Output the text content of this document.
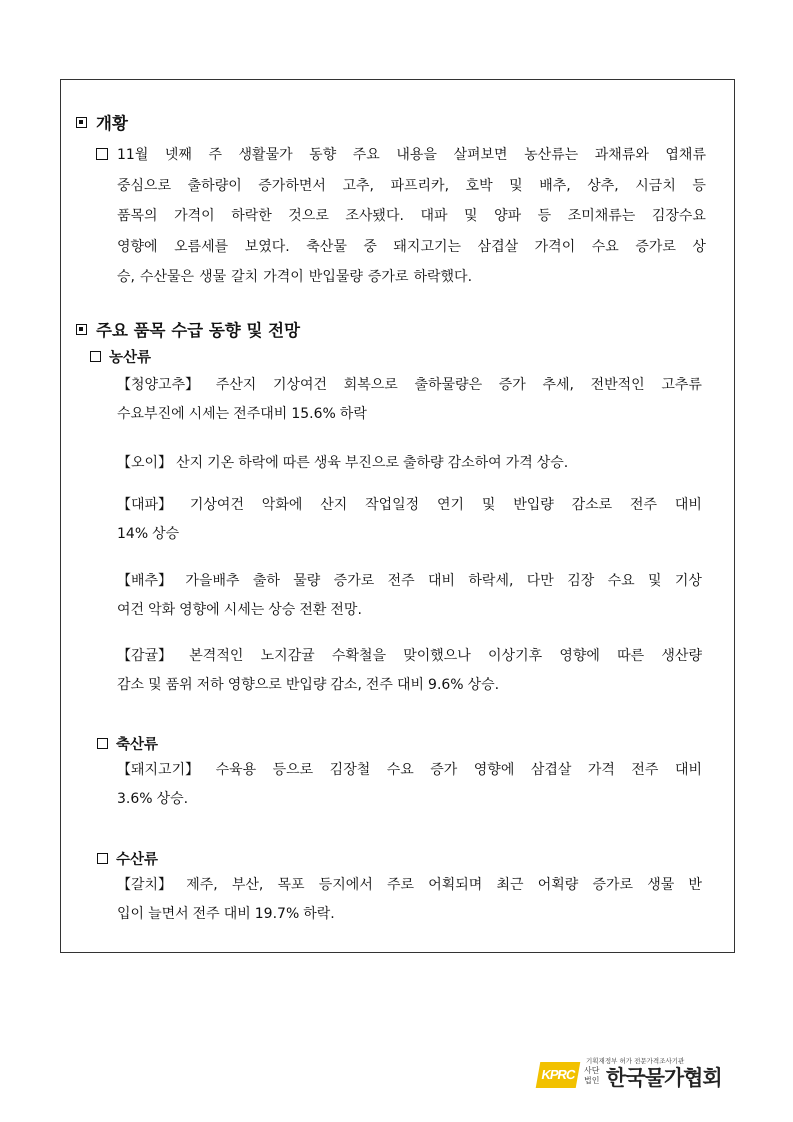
개황
11월 넷째 주 생활물가 동향 주요 내용을 살펴보면 농산류는 과채류와 엽채류
중심으로 출하량이 증가하면서 고추, 파프리카, 호박 및 배추, 상추, 시금치 등
품목의 가격이 하락한 것으로 조사됐다. 대파 및 양파 등 조미채류는 김장수요
영향에 오름세를 보였다. 축산물 중 돼지고기는 삼겹살 가격이 수요 증가로 상
승, 수산물은 생물 갈치 가격이 반입물량 증가로 하락했다.
주요 품목 수급 동향 및 전망
농산류
【청양고추】 주산지 기상여건 회복으로 출하물량은 증가 추세, 전반적인 고추류
수요부진에 시세는 전주대비 15.6% 하락
【오이】 산지 기온 하락에 따른 생육 부진으로 출하량 감소하여 가격 상승.
【대파】 기상여건 악화에 산지 작업일정 연기 및 반입량 감소로 전주 대비
14% 상승
【배추】 가을배추 출하 물량 증가로 전주 대비 하락세, 다만 김장 수요 및 기상
여건 악화 영향에 시세는 상승 전환 전망.
【감귤】 본격적인 노지감귤 수확철을 맞이했으나 이상기후 영향에 따른 생산량
감소 및 품위 저하 영향으로 반입량 감소, 전주 대비 9.6% 상승.
축산류
【돼지고기】 수육용 등으로 김장철 수요 증가 영향에 삼겹살 가격 전주 대비
3.6% 상승.
수산류
【갈치】 제주, 부산, 목포 등지에서 주로 어획되며 최근 어획량 증가로 생물 반
입이 늘면서 전주 대비 19.7% 하락.
KPRC
기획재정부 허가 전문가격조사기관
사단법인 한국물가협회
